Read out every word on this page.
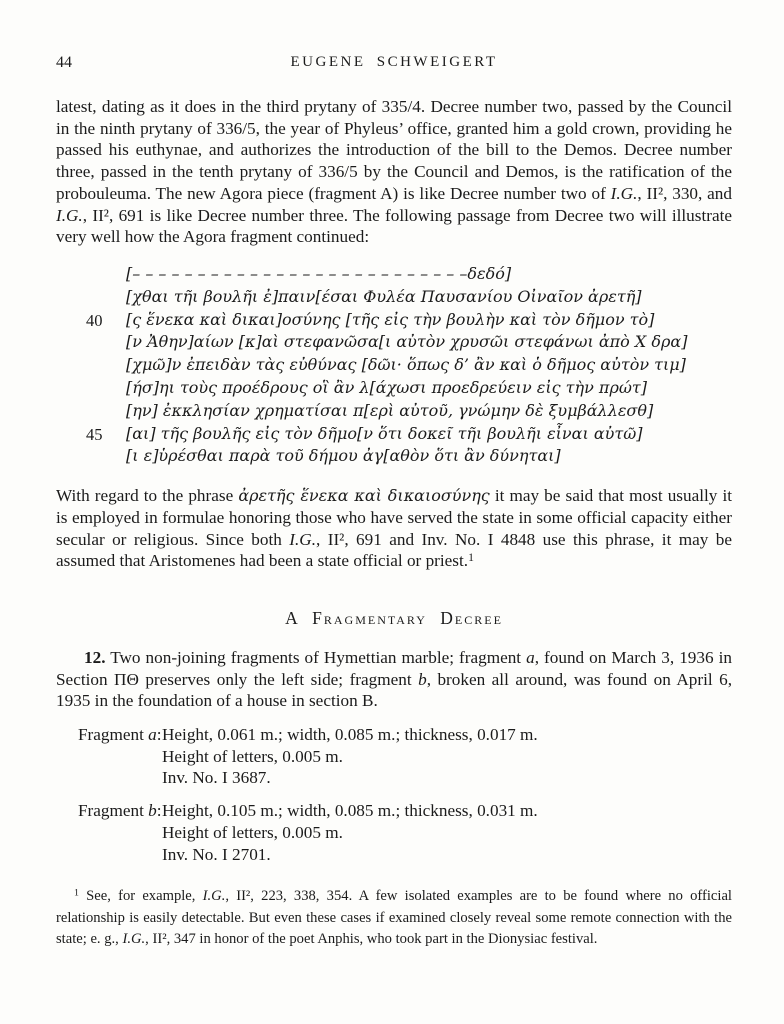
44	EUGENE SCHWEIGERT

latest, dating as it does in the third prytany of 335/4. Decree number two, passed by the Council in the ninth prytany of 336/5, the year of Phyleus’ office, granted him a gold crown, providing he passed his euthynae, and authorizes the introduction of the bill to the Demos. Decree number three, passed in the tenth prytany of 336/5 by the Council and Demos, is the ratification of the probouleuma. The new Agora piece (fragment A) is like Decree number two of I.G., II², 330, and I.G., II², 691 is like Decree number three. The following passage from Decree two will illustrate very well how the Agora fragment continued:

[– – – – – – – – – – – – – – – – – – – – – – – – – –δεδό]
[χθαι τῆι βουλῆι ἐ]παιν[έσαι Φυλέα Παυσανίου Οἰναῖον ἀρετῆ]
40 [ς ἕνεκα καὶ δικαι]οσύνης [τῆς εἰς τὴν βουλὴν καὶ τὸν δῆμον τὸ]
[ν Ἀθην]αίων [κ]αὶ στεφανῶσα[ι αὐτὸν χρυσῶι στεφάνωι ἀπὸ Χ δρα]
[χμῶ]ν ἐπειδὰν τὰς εὐθύνας [δῶι· ὅπως δ’ ἂν καὶ ὁ δῆμος αὐτὸν τιμ]
[ήσ]ηι τοὺς προέδρους οἳ ἂν λ[άχωσι προεδρεύειν εἰς τὴν πρώτ]
[ην] ἐκκλησίαν χρηματίσαι π[ερὶ αὐτοῦ, γνώμην δὲ ξυμβάλλεσθ]
45 [αι] τῆς βουλῆς εἰς τὸν δῆμο[ν ὅτι δοκεῖ τῆι βουλῆι εἶναι αὐτῶ]
[ι ε]ὑρέσθαι παρὰ τοῦ δήμου ἀγ[αθὸν ὅτι ἂν δύνηται]

With regard to the phrase ἀρετῆς ἕνεκα καὶ δικαιοσύνης it may be said that most usually it is employed in formulae honoring those who have served the state in some official capacity either secular or religious. Since both I.G., II², 691 and Inv. No. I 4848 use this phrase, it may be assumed that Aristomenes had been a state official or priest.$^1$

A Fragmentary Decree

12. Two non-joining fragments of Hymettian marble; fragment a, found on March 3, 1936 in Section ΠΘ preserves only the left side; fragment b, broken all around, was found on April 6, 1935 in the foundation of a house in section B.

Fragment a: Height, 0.061 m.; width, 0.085 m.; thickness, 0.017 m.
Height of letters, 0.005 m.
Inv. No. I 3687.
Fragment b: Height, 0.105 m.; width, 0.085 m.; thickness, 0.031 m.
Height of letters, 0.005 m.
Inv. No. I 2701.

$^1$ See, for example, I.G., II², 223, 338, 354. A few isolated examples are to be found where no official relationship is easily detectable. But even these cases if examined closely reveal some remote connection with the state; e. g., I.G., II², 347 in honor of the poet Anphis, who took part in the Dionysiac festival.
